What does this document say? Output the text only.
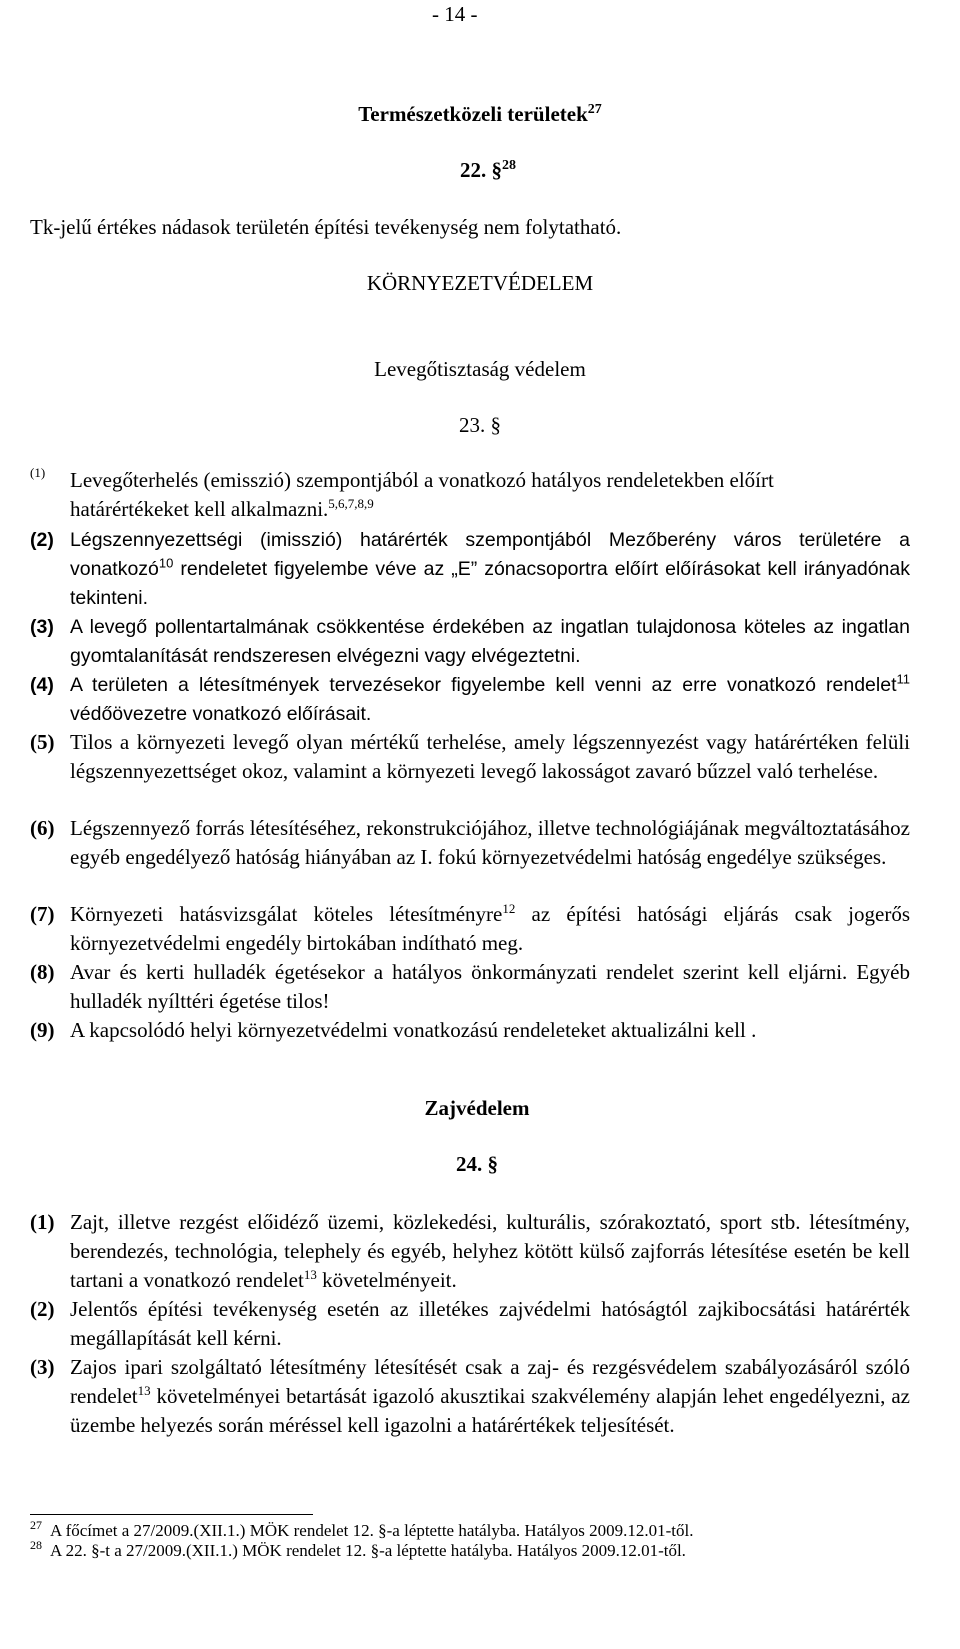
- 14 -
Természetközeli területek$^{27}$
22. §$^{28}$
Tk-jelű értékes nádasok területén építési tevékenység nem folytatható.
KÖRNYEZETVÉDELEM
Levegőtisztaság védelem
23. §
(1) Levegőterhelés (emisszió) szempontjából a vonatkozó hatályos rendeletekben előírt
határértékeket kell alkalmazni.$^{5,6,7,8,9}$
(2) Légszennyezettségi (imisszió) határérték szempontjából Mezőberény város területére a vonatkozó$^{10}$ rendeletet figyelembe véve az „E” zónacsoportra előírt előírásokat kell irányadónak tekinteni.
(3) A levegő pollentartalmának csökkentése érdekében az ingatlan tulajdonosa köteles az ingatlan gyomtalanítását rendszeresen elvégezni vagy elvégeztetni.
(4) A területen a létesítmények tervezésekor figyelembe kell venni az erre vonatkozó rendelet$^{11}$ védőövezetre vonatkozó előírásait.
(5) Tilos a környezeti levegő olyan mértékű terhelése, amely légszennyezést vagy határértéken felüli légszennyezettséget okoz, valamint a környezeti levegő lakosságot zavaró bűzzel való terhelése.
(6) Légszennyező forrás létesítéséhez, rekonstrukciójához, illetve technológiájának megváltoztatásához egyéb engedélyező hatóság hiányában az I. fokú környezetvédelmi hatóság engedélye szükséges.
(7) Környezeti hatásvizsgálat köteles létesítményre$^{12}$ az építési hatósági eljárás csak jogerős környezetvédelmi engedély birtokában indítható meg.
(8) Avar és kerti hulladék égetésekor a hatályos önkormányzati rendelet szerint kell eljárni. Egyéb hulladék nyílttéri égetése tilos!
(9) A kapcsolódó helyi környezetvédelmi vonatkozású rendeleteket aktualizálni kell .
Zajvédelem
24. §
(1) Zajt, illetve rezgést előidéző üzemi, közlekedési, kulturális, szórakoztató, sport stb. létesítmény, berendezés, technológia, telephely és egyéb, helyhez kötött külső zajforrás létesítése esetén be kell tartani a vonatkozó rendelet$^{13}$ követelményeit.
(2) Jelentős építési tevékenység esetén az illetékes zajvédelmi hatóságtól zajkibocsátási határérték megállapítását kell kérni.
(3) Zajos ipari szolgáltató létesítmény létesítését csak a zaj- és rezgésvédelem szabályozásáról szóló rendelet$^{13}$ követelményei betartását igazoló akusztikai szakvélemény alapján lehet engedélyezni, az üzembe helyezés során méréssel kell igazolni a határértékek teljesítését.
$^{27}$ A főcímet a 27/2009.(XII.1.) MÖK rendelet 12. §-a léptette hatályba. Hatályos 2009.12.01-től.
$^{28}$ A 22. §-t a 27/2009.(XII.1.) MÖK rendelet 12. §-a léptette hatályba. Hatályos 2009.12.01-től.
